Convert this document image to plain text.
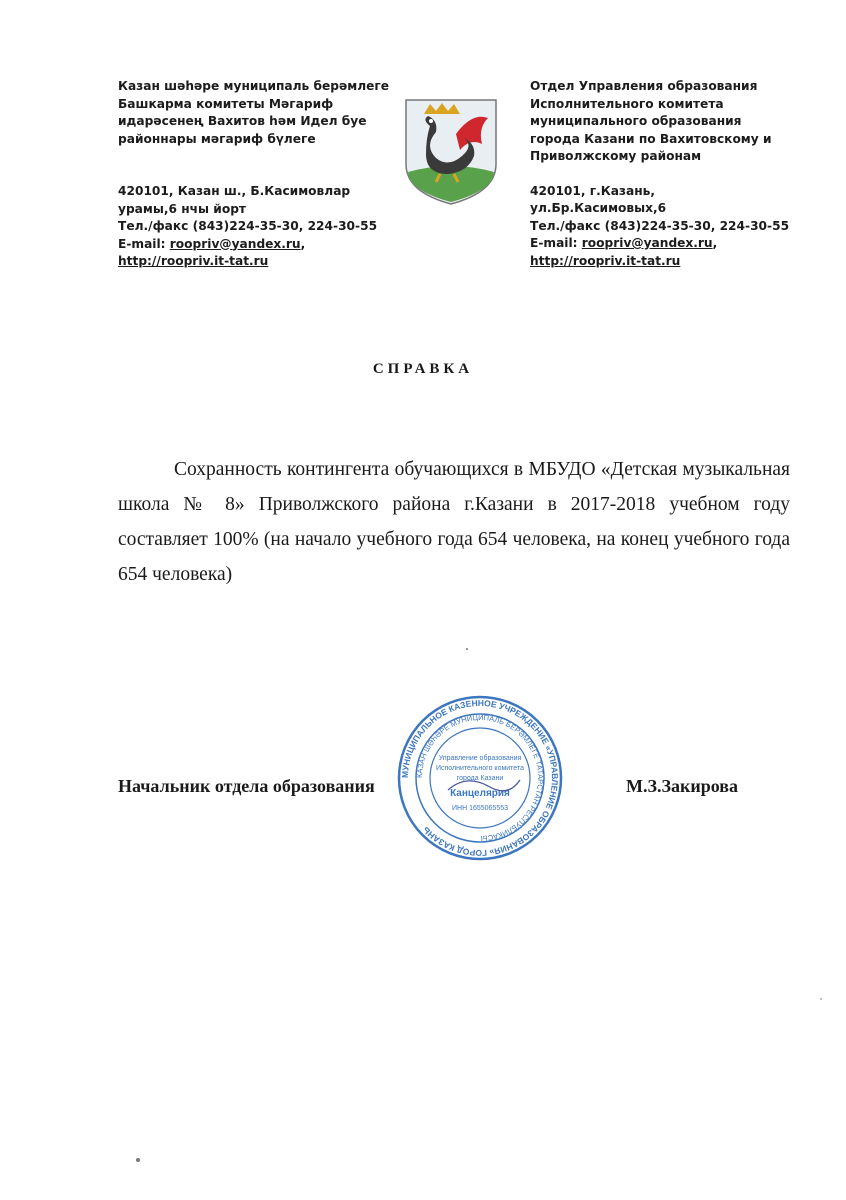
Казан шәһәре муниципаль берәмлеге
Башкарма комитеты Мәгариф
идарәсенең Вахитов һәм Идел буе
районнары мәгариф бүлеге
420101, Казан ш., Б.Касимовлар
урамы,6 нчы йорт
Тел./факс (843)224-35-30, 224-30-55
E-mail: roopriv@yandex.ru,
http://roopriv.it-tat.ru
Отдел Управления образования
Исполнительного комитета
муниципального образования
города Казани по Вахитовскому и
Приволжскому районам
420101, г.Казань, ул.Бр.Касимовых,6
Тел./факс (843)224-35-30, 224-30-55
E-mail: roopriv@yandex.ru,
http://roopriv.it-tat.ru
СПРАВКА
Сохранность контингента обучающихся в МБУДО «Детская музыкальная школа № 8» Приволжского района г.Казани в 2017-2018 учебном году составляет 100% (на начало учебного года 654 человека, на конец учебного года 654 человека)
Начальник отдела образования
МУНИЦИПАЛЬНОЕ КАЗЕННОЕ УЧРЕЖДЕНИЕ «УПРАВЛЕНИЕ ОБРАЗОВАНИЯ» ГОРОД КАЗАНЬ
КАЗАН ШӘҺӘРЕ МУНИЦИПАЛЬ БЕРӘМЛЕГЕ ТАТАРСТАН РЕСПУБЛИКАСЫ
Управление образования
Исполнительного комитета
города Казани
Канцелярия
ИНН 1655065553
М.З.Закирова
